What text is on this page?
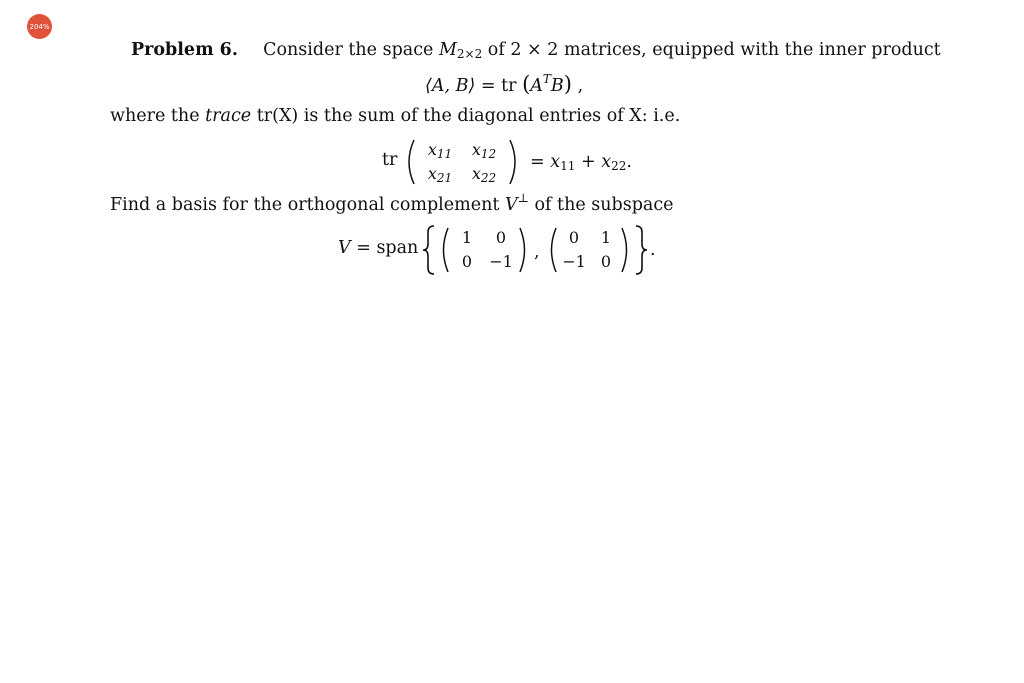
204%
Problem 6. Consider the space $M_{2\times 2}$ of 2 × 2 matrices, equipped with the inner product
⟨A, B⟩ = tr $(A^TB)$ ,
where the trace tr(X) is the sum of the diagonal entries of X: i.e.
tr
$x_{11}$ $x_{12}$
$x_{21}$ $x_{22}$
= $x_{11} + x_{22}$.
Find a basis for the orthogonal complement V⊥ of the subspace
V = span
1	0
0	−1 ,
0	1
−1 0
.
